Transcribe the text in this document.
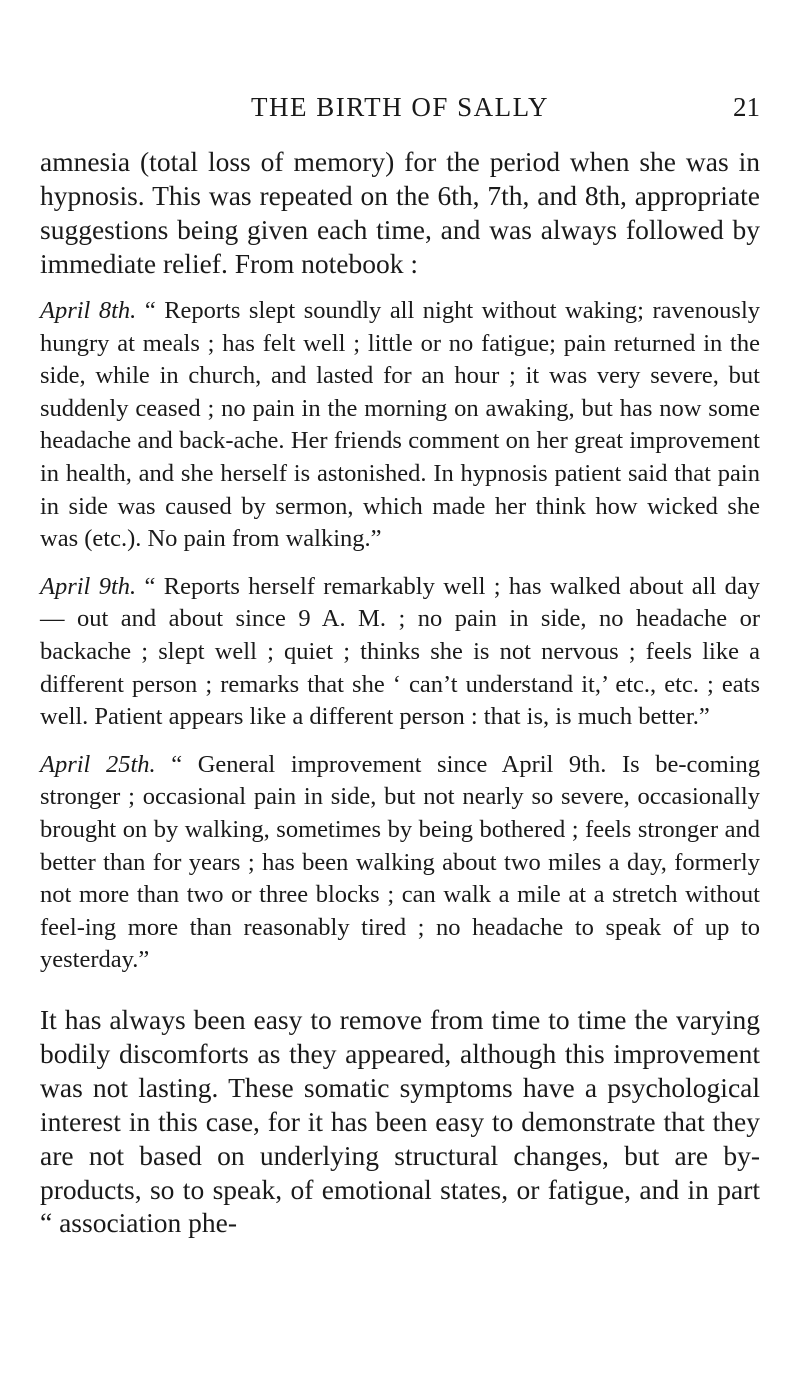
THE BIRTH OF SALLY	21

amnesia (total loss of memory) for the period when she was in hypnosis. This was repeated on the 6th, 7th, and 8th, appropriate suggestions being given each time, and was always followed by immediate relief. From notebook :

April 8th. “ Reports slept soundly all night without waking; ravenously hungry at meals ; has felt well ; little or no fatigue; pain returned in the side, while in church, and lasted for an hour ; it was very severe, but suddenly ceased ; no pain in the morning on awaking, but has now some headache and back-ache. Her friends comment on her great improvement in health, and she herself is astonished. In hypnosis patient said that pain in side was caused by sermon, which made her think how wicked she was (etc.). No pain from walking.”

April 9th. “ Reports herself remarkably well ; has walked about all day — out and about since 9 A. M. ; no pain in side, no headache or backache ; slept well ; quiet ; thinks she is not nervous ; feels like a different person ; remarks that she ‘ can’t understand it,’ etc., etc. ; eats well. Patient appears like a different person : that is, is much better.”

April 25th. “ General improvement since April 9th. Is be-coming stronger ; occasional pain in side, but not nearly so severe, occasionally brought on by walking, sometimes by being bothered ; feels stronger and better than for years ; has been walking about two miles a day, formerly not more than two or three blocks ; can walk a mile at a stretch without feel-ing more than reasonably tired ; no headache to speak of up to yesterday.”

It has always been easy to remove from time to time the varying bodily discomforts as they appeared, although this improvement was not lasting. These somatic symptoms have a psychological interest in this case, for it has been easy to demonstrate that they are not based on underlying structural changes, but are by-products, so to speak, of emotional states, or fatigue, and in part “ association phe-
